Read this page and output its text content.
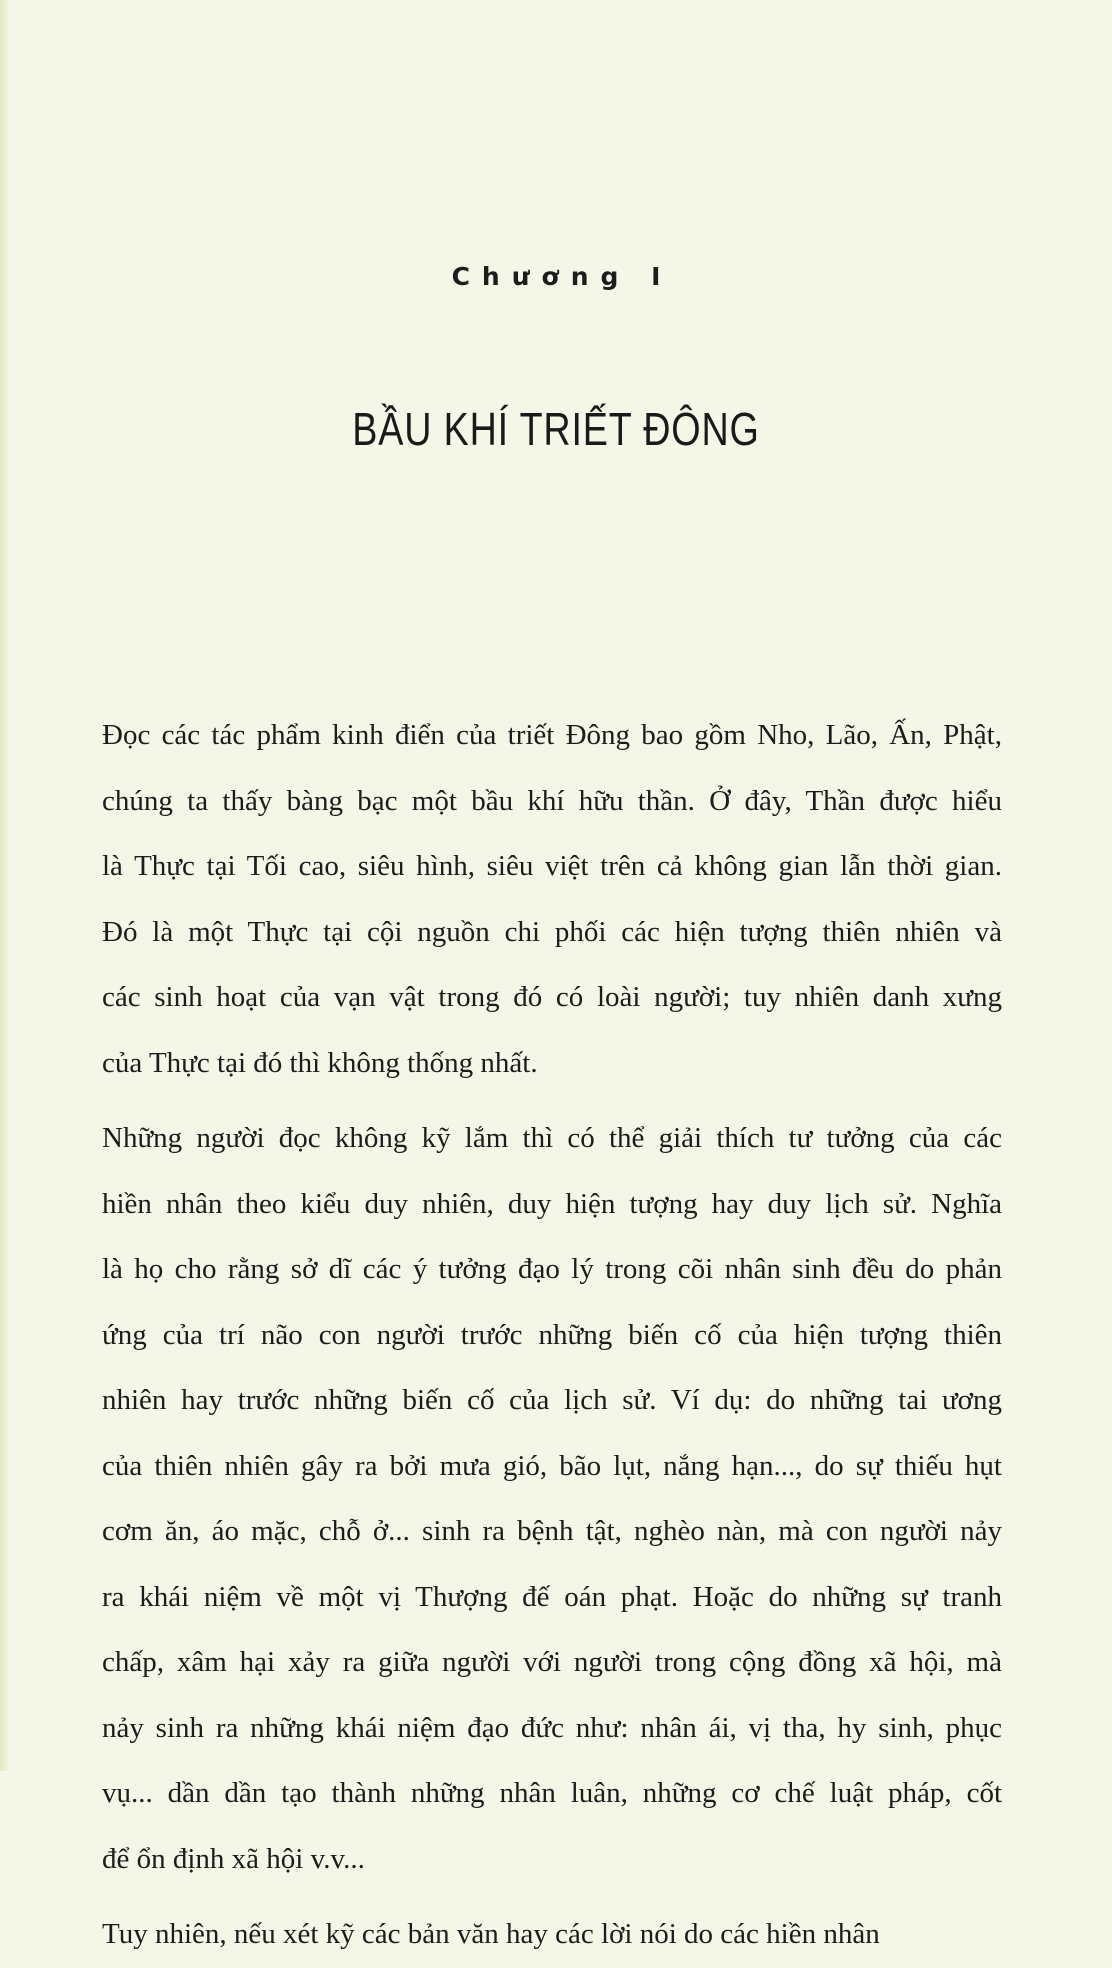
Chương I
BẦU KHÍ TRIẾT ĐÔNG
Đọc các tác phẩm kinh điển của triết Đông bao gồm Nho, Lão, Ấn, Phật,
chúng ta thấy bàng bạc một bầu khí hữu thần. Ở đây, Thần được hiểu
là Thực tại Tối cao, siêu hình, siêu việt trên cả không gian lẫn thời gian.
Đó là một Thực tại cội nguồn chi phối các hiện tượng thiên nhiên và
các sinh hoạt của vạn vật trong đó có loài người; tuy nhiên danh xưng
của Thực tại đó thì không thống nhất.
Những người đọc không kỹ lắm thì có thể giải thích tư tưởng của các
hiền nhân theo kiểu duy nhiên, duy hiện tượng hay duy lịch sử. Nghĩa
là họ cho rằng sở dĩ các ý tưởng đạo lý trong cõi nhân sinh đều do phản
ứng của trí não con người trước những biến cố của hiện tượng thiên
nhiên hay trước những biến cố của lịch sử. Ví dụ: do những tai ương
của thiên nhiên gây ra bởi mưa gió, bão lụt, nắng hạn..., do sự thiếu hụt
cơm ăn, áo mặc, chỗ ở... sinh ra bệnh tật, nghèo nàn, mà con người nảy
ra khái niệm về một vị Thượng đế oán phạt. Hoặc do những sự tranh
chấp, xâm hại xảy ra giữa người với người trong cộng đồng xã hội, mà
nảy sinh ra những khái niệm đạo đức như: nhân ái, vị tha, hy sinh, phục
vụ... dần dần tạo thành những nhân luân, những cơ chế luật pháp, cốt
để ổn định xã hội v.v...
Tuy nhiên, nếu xét kỹ các bản văn hay các lời nói do các hiền nhân
